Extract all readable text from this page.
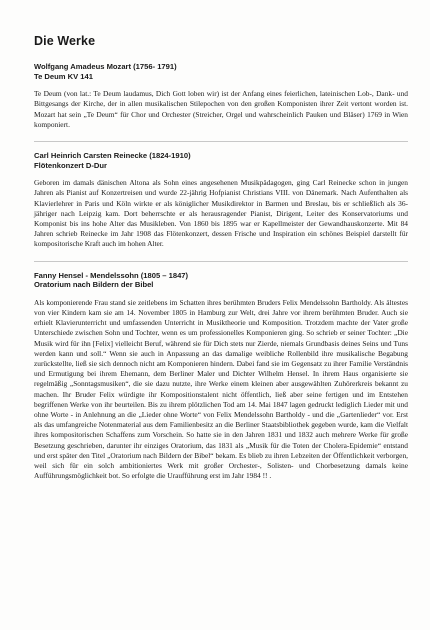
Die Werke
Wolfgang Amadeus Mozart (1756- 1791)
Te Deum KV 141

Te Deum (von lat.: Te Deum laudamus, Dich Gott loben wir) ist der Anfang eines feierlichen, lateinischen Lob-, Dank- und Bittgesangs der Kirche, der in allen musikalischen Stilepochen von den großen Komponisten ihrer Zeit vertont worden ist. Mozart hat sein „Te Deum“ für Chor und Orchester (Streicher, Orgel und wahrscheinlich Pauken und Bläser) 1769 in Wien komponiert.

Carl Heinrich Carsten Reinecke (1824-1910)
Flötenkonzert D-Dur

Geboren im damals dänischen Altona als Sohn eines angesehenen Musikpädagogen, ging Carl Reinecke schon in jungen Jahren als Pianist auf Konzertreisen und wurde 22-jährig Hofpianist Christians VIII. von Dänemark. Nach Aufenthalten als Klavierlehrer in Paris und Köln wirkte er als königlicher Musikdirektor in Barmen und Breslau, bis er schließlich als 36-jähriger nach Leipzig kam. Dort beherrschte er als herausragender Pianist, Dirigent, Leiter des Konservatoriums und Komponist bis ins hohe Alter das Musikleben. Von 1860 bis 1895 war er Kapellmeister der Gewandhauskonzerte. Mit 84 Jahren schrieb Reinecke im Jahr 1908 das Flötenkonzert, dessen Frische und Inspiration ein schönes Beispiel darstellt für kompositorische Kraft auch im hohen Alter.

Fanny Hensel - Mendelssohn (1805 – 1847)
Oratorium nach Bildern der Bibel

Als komponierende Frau stand sie zeitlebens im Schatten ihres berühmten Bruders Felix Mendelssohn Bartholdy. Als ältestes von vier Kindern kam sie am 14. November 1805 in Hamburg zur Welt, drei Jahre vor ihrem berühmten Bruder. Auch sie erhielt Klavierunterricht und umfassenden Unterricht in Musiktheorie und Komposition. Trotzdem machte der Vater große Unterschiede zwischen Sohn und Tochter, wenn es um professionelles Komponieren ging. So schrieb er seiner Tochter: „Die Musik wird für ihn [Felix] vielleicht Beruf, während sie für Dich stets nur Zierde, niemals Grundbasis deines Seins und Tuns werden kann und soll.“ Wenn sie auch in Anpassung an das damalige weibliche Rollenbild ihre musikalische Begabung zurückstellte, ließ sie sich dennoch nicht am Komponieren hindern. Dabei fand sie im Gegensatz zu ihrer Familie Verständnis und Ermutigung bei ihrem Ehemann, dem Berliner Maler und Dichter Wilhelm Hensel. In ihrem Haus organisierte sie regelmäßig „Sonntagsmusiken“, die sie dazu nutzte, ihre Werke einem kleinen aber ausgewählten Zuhörerkreis bekannt zu machen. Ihr Bruder Felix würdigte ihr Kompositionstalent nicht öffentlich, ließ aber seine fertigen und im Entstehen begriffenen Werke von ihr beurteilen. Bis zu ihrem plötzlichen Tod am 14. Mai 1847 lagen gedruckt lediglich Lieder mit und ohne Worte - in Anlehnung an die „Lieder ohne Worte“ von Felix Mendelssohn Bartholdy - und die „Gartenlieder“ vor. Erst als das umfangreiche Notenmaterial aus dem Familienbesitz an die Berliner Staatsbibliothek gegeben wurde, kam die Vielfalt ihres kompositorischen Schaffens zum Vorschein. So hatte sie in den Jahren 1831 und 1832 auch mehrere Werke für große Besetzung geschrieben, darunter ihr einziges Oratorium, das 1831 als „Musik für die Toten der Cholera-Epidemie“ entstand und erst später den Titel „Oratorium nach Bildern der Bibel“ bekam. Es blieb zu ihren Lebzeiten der Öffentlichkeit verborgen, weil sich für ein solch ambitioniertes Werk mit großer Orchester-, Solisten- und Chorbesetzung damals keine Aufführungsmöglichkeit bot. So erfolgte die Uraufführung erst im Jahr 1984 !! .
